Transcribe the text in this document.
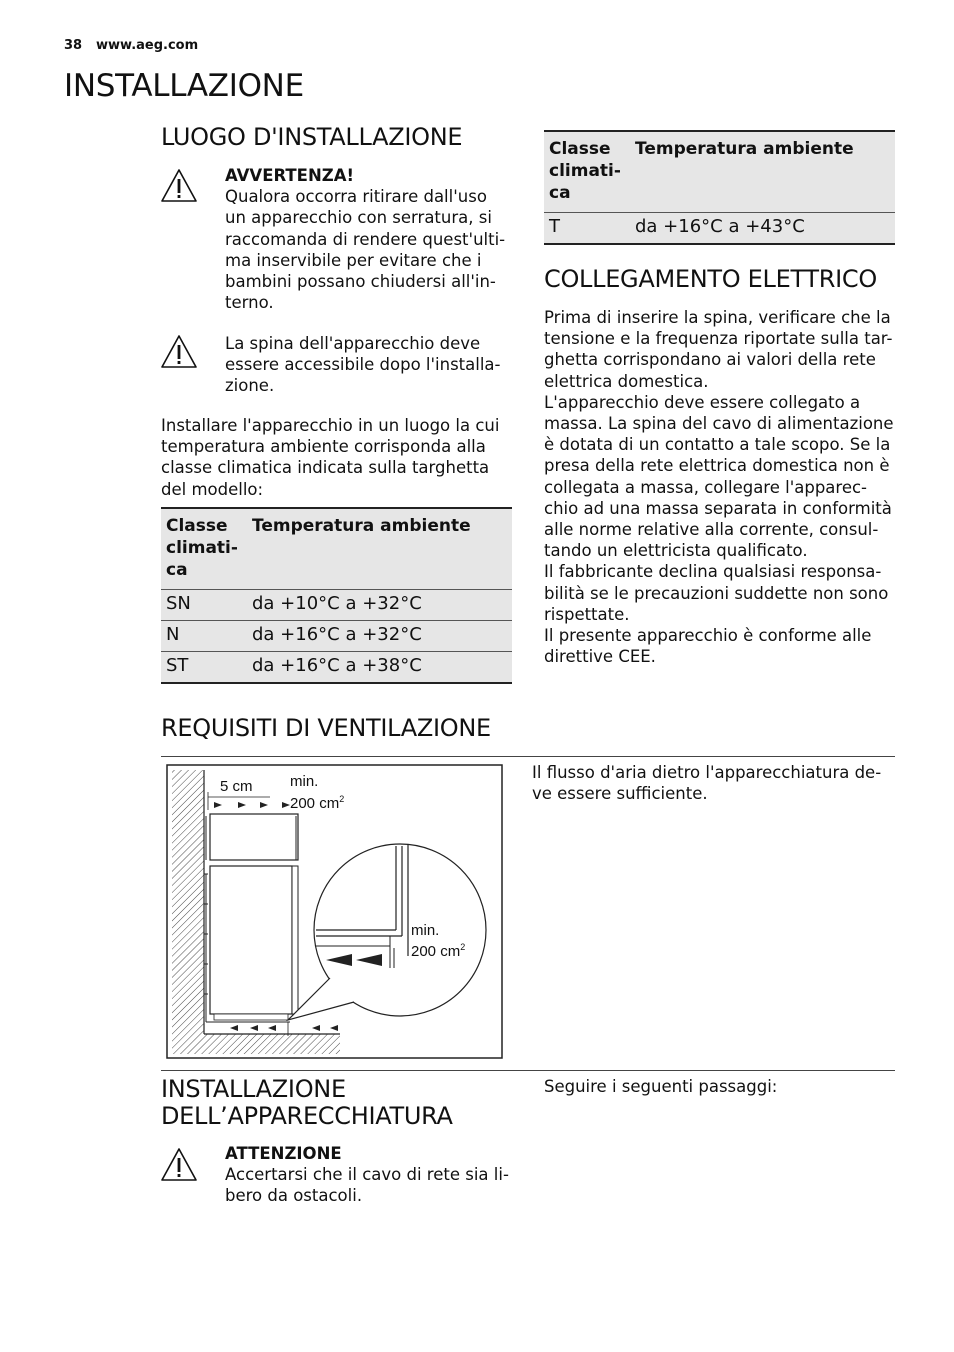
38 www.aeg.com
INSTALLAZIONE
LUOGO D'INSTALLAZIONE
AVVERTENZA!
Qualora occorra ritirare dall'uso
un apparecchio con serratura, si
raccomanda di rendere quest'ulti-
ma inservibile per evitare che i
bambini possano chiudersi all'in-
terno.
La spina dell'apparecchio deve
essere accessibile dopo l'installa-
zione.
Installare l'apparecchio in un luogo la cui
temperatura ambiente corrisponda alla
classe climatica indicata sulla targhetta
del modello:
Classe
climati-
ca	Temperatura ambiente
SN	da +10°C a +32°C
N	da +16°C a +32°C
ST	da +16°C a +38°C
Classe
climati-
ca	Temperatura ambiente
T	da +16°C a +43°C
COLLEGAMENTO ELETTRICO
Prima di inserire la spina, verificare che la
tensione e la frequenza riportate sulla tar-
ghetta corrispondano ai valori della rete
elettrica domestica.
L'apparecchio deve essere collegato a
massa. La spina del cavo di alimentazione
è dotata di un contatto a tale scopo. Se la
presa della rete elettrica domestica non è
collegata a massa, collegare l'apparec-
chio ad una massa separata in conformità
alle norme relative alla corrente, consul-
tando un elettricista qualificato.
Il fabbricante declina qualsiasi responsa-
bilità se le precauzioni suddette non sono
rispettate.
Il presente apparecchio è conforme alle
direttive CEE.
REQUISITI DI VENTILAZIONE
5 cm min.
200 $cm^2$
min.
200 $cm^2$
Il flusso d'aria dietro l'apparecchiatura de-
ve essere sufficiente.
INSTALLAZIONE
DELL’APPARECCHIATURA
ATTENZIONE
Accertarsi che il cavo di rete sia li-
bero da ostacoli.
Seguire i seguenti passaggi:
